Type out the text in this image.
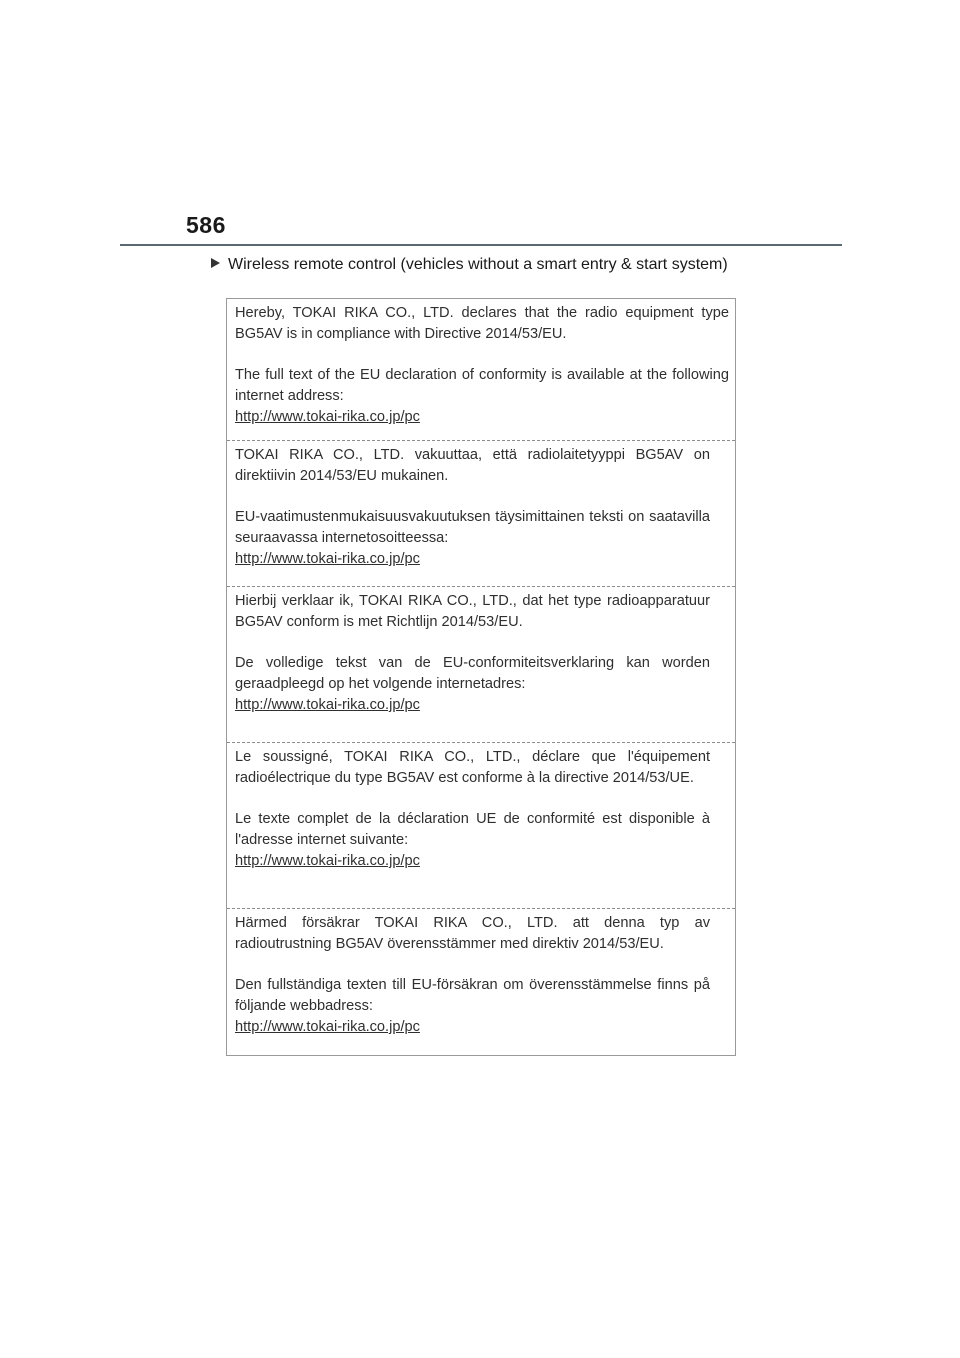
586
Wireless remote control (vehicles without a smart entry & start system)

Hereby, TOKAI RIKA CO., LTD. declares that the radio equipment type BG5AV is in compliance with Directive 2014/53/EU.

The full text of the EU declaration of conformity is available at the following internet address:

http://www.tokai-rika.co.jp/pc

TOKAI RIKA CO., LTD. vakuuttaa, että radiolaitetyyppi BG5AV on direktiivin 2014/53/EU mukainen.

EU-vaatimustenmukaisuusvakuutuksen täysimittainen teksti on saatavilla seuraavassa internetosoitteessa:

http://www.tokai-rika.co.jp/pc

Hierbij verklaar ik, TOKAI RIKA CO., LTD., dat het type radioapparatuur BG5AV conform is met Richtlijn 2014/53/EU.

De volledige tekst van de EU-conformiteitsverklaring kan worden geraadpleegd op het volgende internetadres:

http://www.tokai-rika.co.jp/pc

Le soussigné, TOKAI RIKA CO., LTD., déclare que l'équipement radioélectrique du type BG5AV est conforme à la directive 2014/53/UE.

Le texte complet de la déclaration UE de conformité est disponible à l'adresse internet suivante:

http://www.tokai-rika.co.jp/pc

Härmed försäkrar TOKAI RIKA CO., LTD. att denna typ av radioutrustning BG5AV överensstämmer med direktiv 2014/53/EU.

Den fullständiga texten till EU-försäkran om överensstämmelse finns på följande webbadress:

http://www.tokai-rika.co.jp/pc
